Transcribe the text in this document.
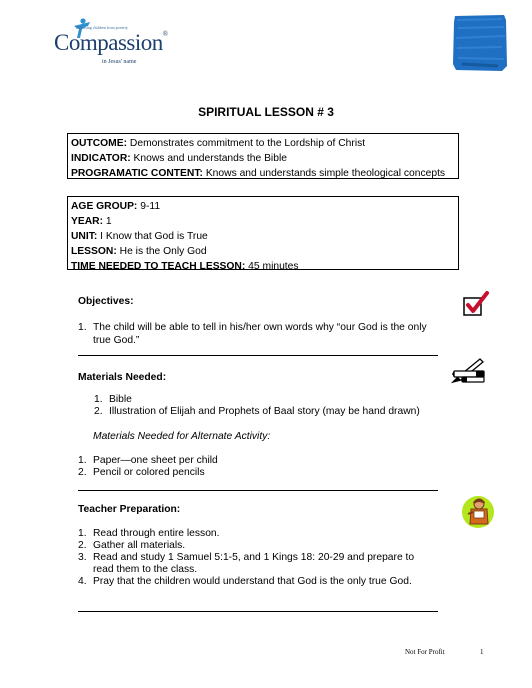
Releasing children from poverty
Compassion®
in Jesus' name
SPIRITUAL LESSON # 3
OUTCOME: Demonstrates commitment to the Lordship of Christ
INDICATOR: Knows and understands the Bible
PROGRAMATIC CONTENT: Knows and understands simple theological concepts
AGE GROUP: 9-11
YEAR: 1
UNIT: I Know that God is True
LESSON: He is the Only God
TIME NEEDED TO TEACH LESSON: 45 minutes
Objectives:
1. The child will be able to tell in his/her own words why “our God is the only
true God.”
Materials Needed:
1. Bible
2. Illustration of Elijah and Prophets of Baal story (may be hand drawn)
Materials Needed for Alternate Activity:
1. Paper—one sheet per child
2. Pencil or colored pencils
Teacher Preparation:
1. Read through entire lesson.
2. Gather all materials.
3. Read and study 1 Samuel 5:1-5, and 1 Kings 18: 20-29 and prepare to
read them to the class.
4. Pray that the children would understand that God is the only true God.
Not For Profit	1
